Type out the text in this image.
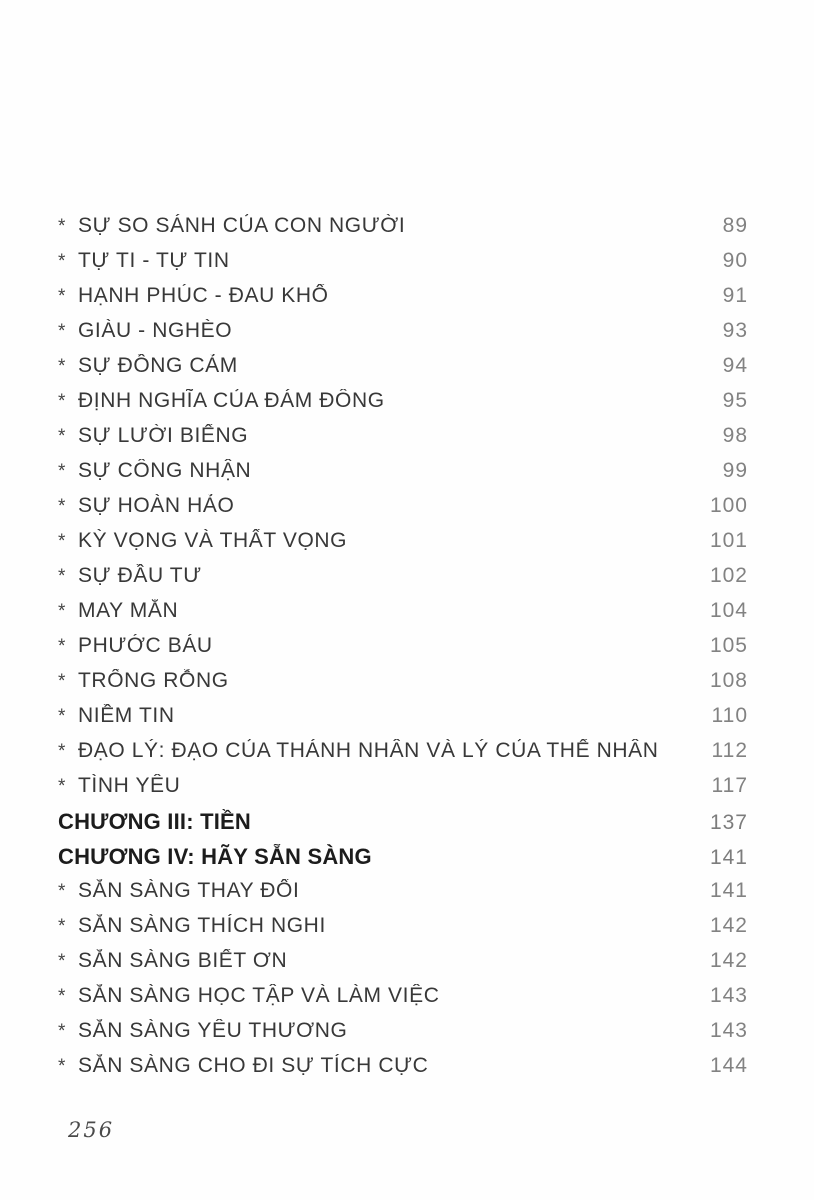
* SỰ SO SÁNH CỦA CON NGƯỜI	89
* TỰ TI - TỰ TIN	90
* HẠNH PHÚC - ĐAU KHỔ	91
* GIÀU - NGHÈO	93
* SỰ ĐỒNG CẢM	94
* ĐỊNH NGHĨA CỦA ĐÁM ĐÔNG	95
* SỰ LƯỜI BIẾNG	98
* SỰ CÔNG NHẬN	99
* SỰ HOÀN HẢO	100
* KỲ VỌNG VÀ THẤT VỌNG	101
* SỰ ĐẦU TƯ	102
* MAY MẮN	104
* PHƯỚC BÁU	105
* TRỐNG RỖNG	108
* NIỀM TIN	110
* ĐẠO LÝ: ĐẠO CỦA THÁNH NHÂN VÀ LÝ CỦA THẾ NHÂN	112
* TÌNH YÊU	117
CHƯƠNG III: TIỀN	137
CHƯƠNG IV: HÃY SẴN SÀNG	141
* SẴN SÀNG THAY ĐỔI	141
* SẴN SÀNG THÍCH NGHI	142
* SẴN SÀNG BIẾT ƠN	142
* SẴN SÀNG HỌC TẬP VÀ LÀM VIỆC	143
* SẴN SÀNG YÊU THƯƠNG	143
* SẴN SÀNG CHO ĐI SỰ TÍCH CỰC	144
256
